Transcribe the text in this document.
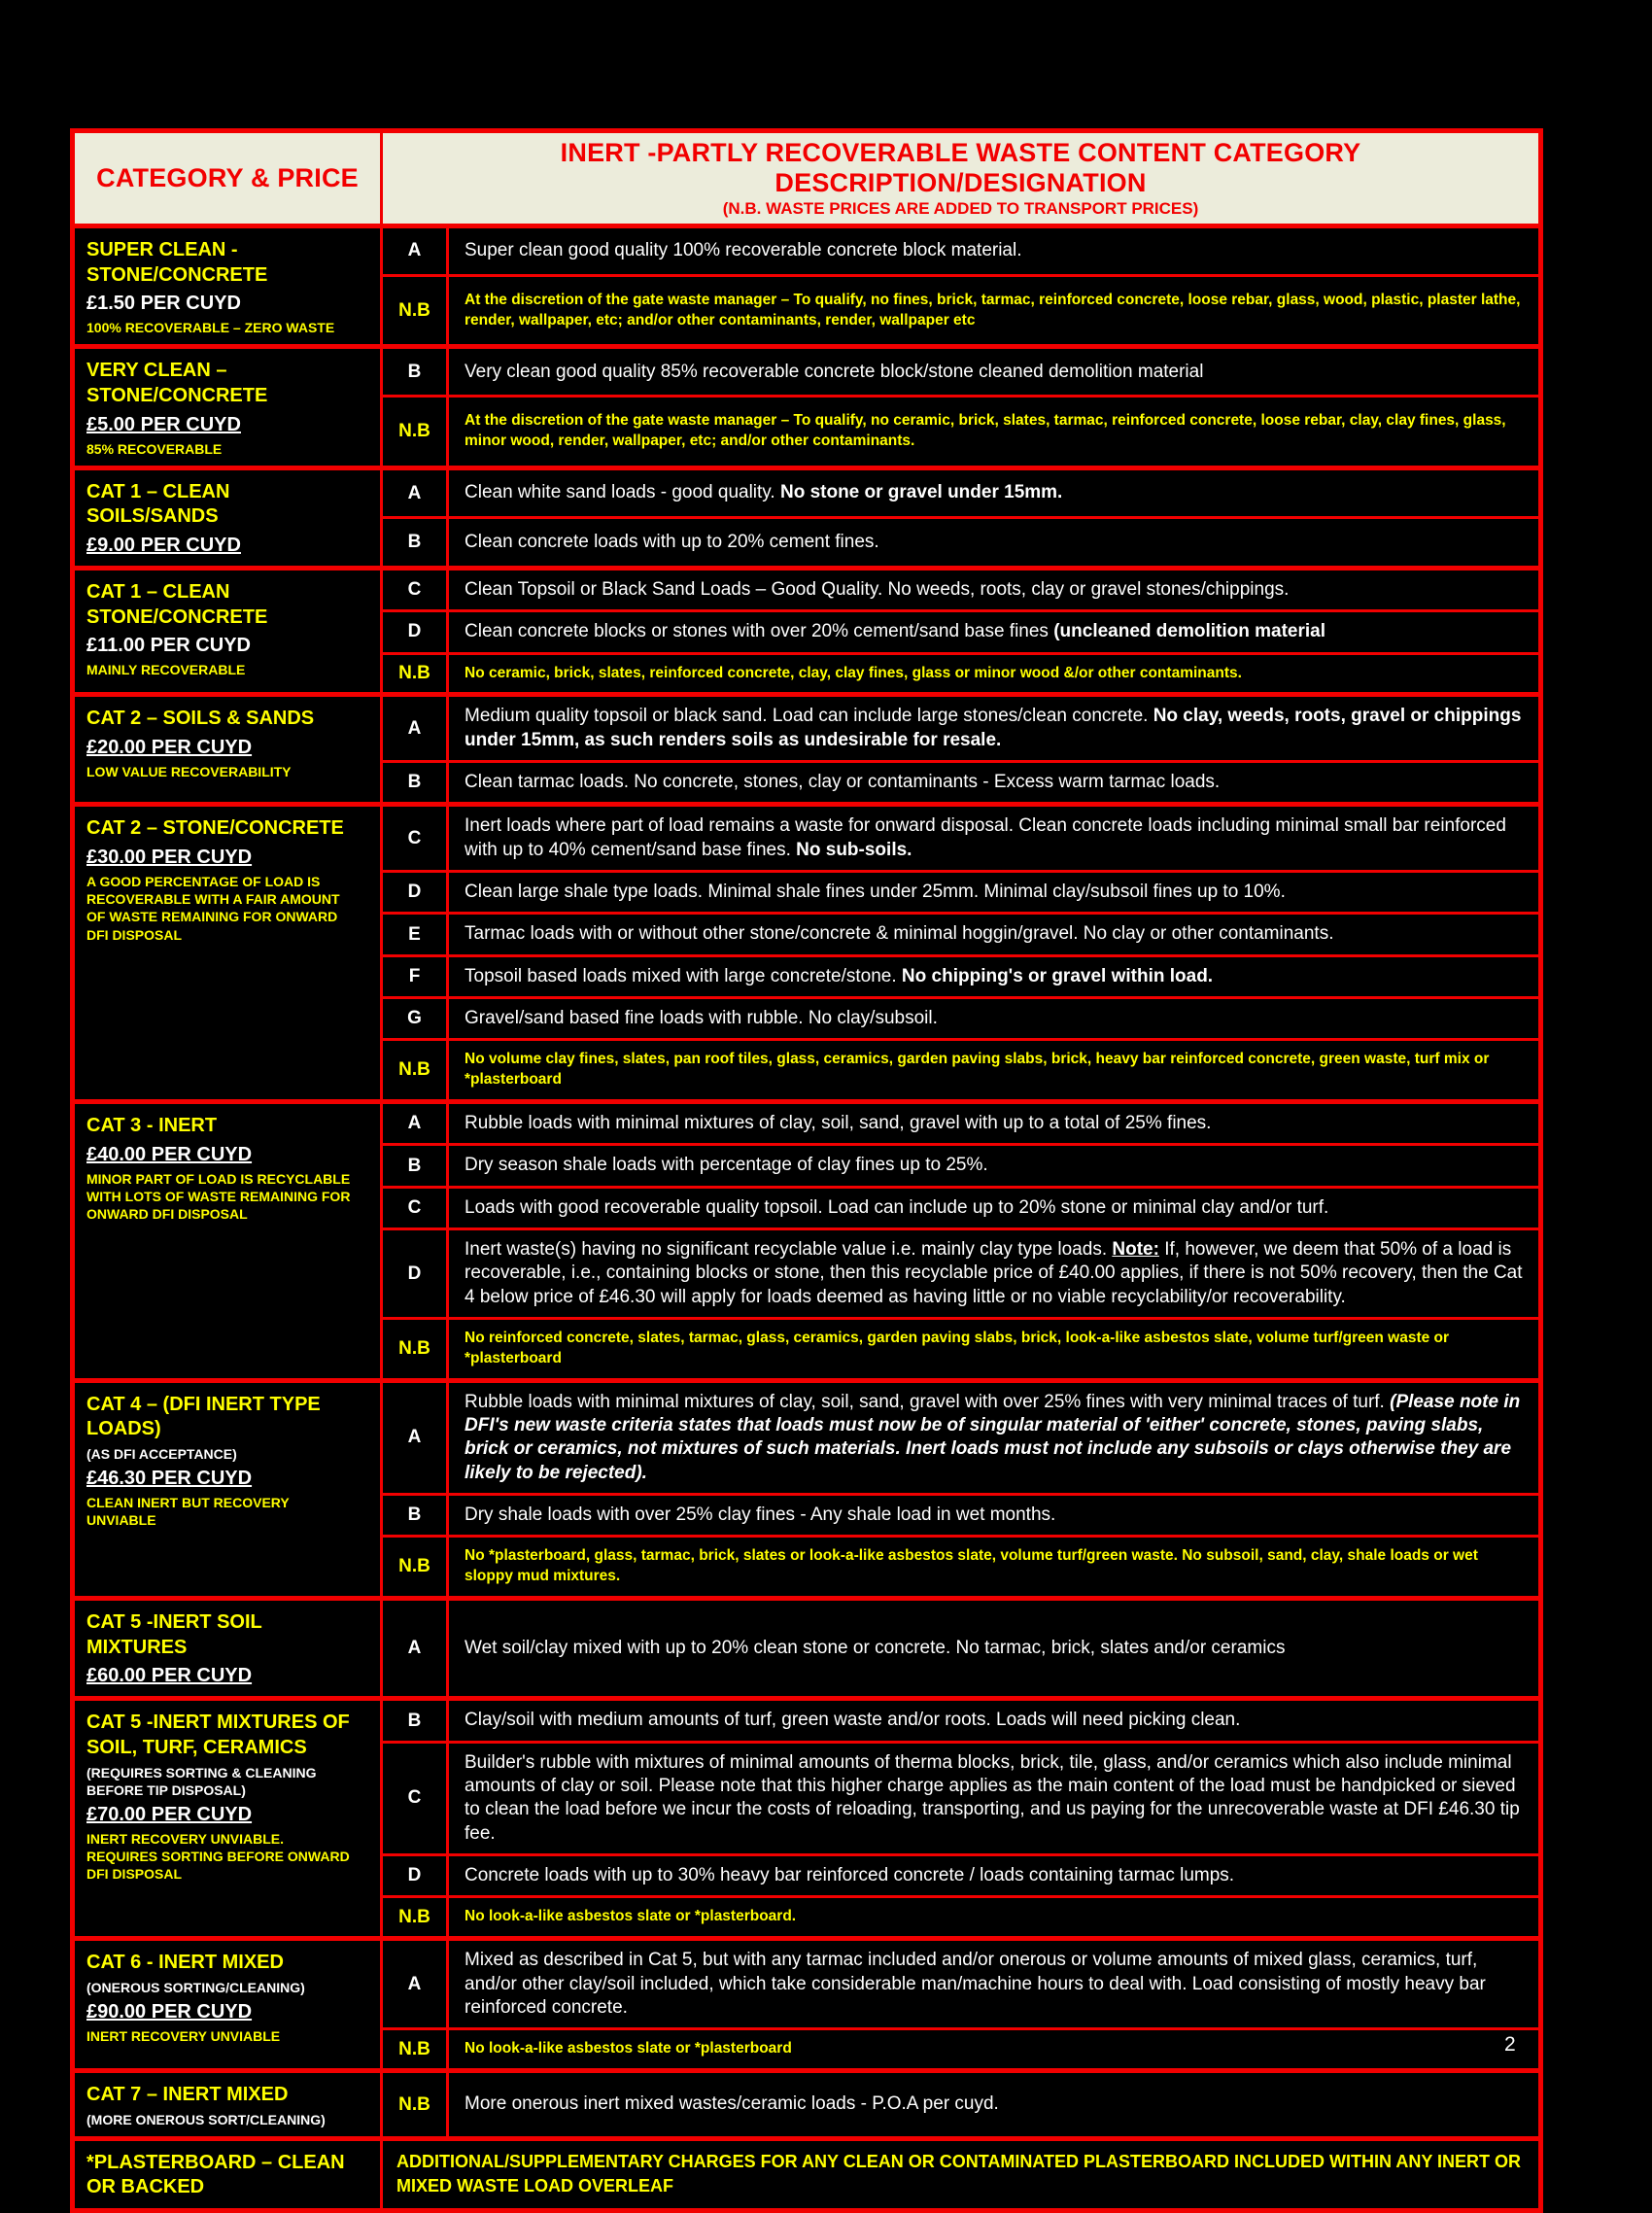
CATEGORY & PRICE	INERT -PARTLY RECOVERABLE WASTE CONTENT CATEGORY DESCRIPTION/DESIGNATION
(N.B. WASTE PRICES ARE ADDED TO TRANSPORT PRICES)	

SUPER CLEAN - STONE/CONCRETE
£1.50 PER CUYD
100% RECOVERABLE – ZERO WASTE	A	Super clean good quality 100% recoverable concrete block material.
	N.B	At the discretion of the gate waste manager – To qualify, no fines, brick, tarmac, reinforced concrete, loose rebar, glass, wood, plastic, plaster lathe, render, wallpaper, etc; and/or other contaminants, render, wallpaper etc

VERY CLEAN – STONE/CONCRETE
£5.00 PER CUYD
85% RECOVERABLE	B	Very clean good quality 85% recoverable concrete block/stone cleaned demolition material
	N.B	At the discretion of the gate waste manager – To qualify, no ceramic, brick, slates, tarmac, reinforced concrete, loose rebar, clay, clay fines, glass, minor wood, render, wallpaper, etc; and/or other contaminants.

CAT 1 – CLEAN SOILS/SANDS
£9.00 PER CUYD	A	Clean white sand loads - good quality. No stone or gravel under 15mm.
	B	Clean concrete loads with up to 20% cement fines.

CAT 1 – CLEAN STONE/CONCRETE
£11.00 PER CUYD
MAINLY RECOVERABLE	C	Clean Topsoil or Black Sand Loads – Good Quality. No weeds, roots, clay or gravel stones/chippings.
	D	Clean concrete blocks or stones with over 20% cement/sand base fines (uncleaned demolition material
	N.B	No ceramic, brick, slates, reinforced concrete, clay, clay fines, glass or minor wood &/or other contaminants.

CAT 2 – SOILS & SANDS
£20.00 PER CUYD
LOW VALUE RECOVERABILITY	A	Medium quality topsoil or black sand. Load can include large stones/clean concrete. No clay, weeds, roots, gravel or chippings under 15mm, as such renders soils as undesirable for resale.
	B	Clean tarmac loads. No concrete, stones, clay or contaminants - Excess warm tarmac loads.

CAT 2 – STONE/CONCRETE
£30.00 PER CUYD
A GOOD PERCENTAGE OF LOAD IS RECOVERABLE WITH A FAIR AMOUNT OF WASTE REMAINING FOR ONWARD DFI DISPOSAL	C	Inert loads where part of load remains a waste for onward disposal. Clean concrete loads including minimal small bar reinforced with up to 40% cement/sand base fines. No sub-soils.
	D	Clean large shale type loads. Minimal shale fines under 25mm. Minimal clay/subsoil fines up to 10%.
	E	Tarmac loads with or without other stone/concrete & minimal hoggin/gravel. No clay or other contaminants.
	F	Topsoil based loads mixed with large concrete/stone. No chipping's or gravel within load.
	G	Gravel/sand based fine loads with rubble. No clay/subsoil.
	N.B	No volume clay fines, slates, pan roof tiles, glass, ceramics, garden paving slabs, brick, heavy bar reinforced concrete, green waste, turf mix or *plasterboard

CAT 3 - INERT
£40.00 PER CUYD
MINOR PART OF LOAD IS RECYCLABLE WITH LOTS OF WASTE REMAINING FOR ONWARD DFI DISPOSAL	A	Rubble loads with minimal mixtures of clay, soil, sand, gravel with up to a total of 25% fines.
	B	Dry season shale loads with percentage of clay fines up to 25%.
	C	Loads with good recoverable quality topsoil. Load can include up to 20% stone or minimal clay and/or turf.
	D	Inert waste(s) having no significant recyclable value i.e. mainly clay type loads. Note: If, however, we deem that 50% of a load is recoverable, i.e., containing blocks or stone, then this recyclable price of £40.00 applies, if there is not 50% recovery, then the Cat 4 below price of £46.30 will apply for loads deemed as having little or no viable recyclability/or recoverability.
	N.B	No reinforced concrete, slates, tarmac, glass, ceramics, garden paving slabs, brick, look-a-like asbestos slate, volume turf/green waste or *plasterboard

CAT 4 – (DFI INERT TYPE LOADS)
(AS DFI ACCEPTANCE)
£46.30 PER CUYD
CLEAN INERT BUT RECOVERY UNVIABLE
	A	Rubble loads with minimal mixtures of clay, soil, sand, gravel with over 25% fines with very minimal traces of turf. (Please note in DFI's new waste criteria states that loads must now be of singular material of 'either' concrete, stones, paving slabs, brick or ceramics, not mixtures of such materials. Inert loads must not include any subsoils or clays otherwise they are likely to be rejected).
	B	Dry shale loads with over 25% clay fines - Any shale load in wet months.
	N.B	No *plasterboard, glass, tarmac, brick, slates or look-a-like asbestos slate, volume turf/green waste. No subsoil, sand, clay, shale loads or wet sloppy mud mixtures.

CAT 5 -INERT SOIL MIXTURES
£60.00 PER CUYD	A	Wet soil/clay mixed with up to 20% clean stone or concrete. No tarmac, brick, slates and/or ceramics

CAT 5 -INERT MIXTURES OF SOIL, TURF, CERAMICS
(REQUIRES SORTING & CLEANING BEFORE TIP DISPOSAL)
£70.00 PER CUYD
INERT RECOVERY UNVIABLE. REQUIRES SORTING BEFORE ONWARD DFI DISPOSAL	B	Clay/soil with medium amounts of turf, green waste and/or roots. Loads will need picking clean.
	C	Builder's rubble with mixtures of minimal amounts of therma blocks, brick, tile, glass, and/or ceramics which also include minimal amounts of clay or soil. Please note that this higher charge applies as the main content of the load must be handpicked or sieved to clean the load before we incur the costs of reloading, transporting, and us paying for the unrecoverable waste at DFI £46.30 tip fee.
	D	Concrete loads with up to 30% heavy bar reinforced concrete / loads containing tarmac lumps.
	N.B	No look-a-like asbestos slate or *plasterboard.

CAT 6 - INERT MIXED
(ONEROUS SORTING/CLEANING)
£90.00 PER CUYD
INERT RECOVERY UNVIABLE
	A	Mixed as described in Cat 5, but with any tarmac included and/or onerous or volume amounts of mixed glass, ceramics, turf, and/or other clay/soil included, which take considerable man/machine hours to deal with. Load consisting of mostly heavy bar reinforced concrete.
	N.B	No look-a-like asbestos slate or *plasterboard

CAT 7 – INERT MIXED
(MORE ONEROUS SORT/CLEANING)	N.B	More onerous inert mixed wastes/ceramic loads - P.O.A per cuyd.

*PLASTERBOARD – CLEAN OR BACKED	ADDITIONAL/SUPPLEMENTARY CHARGES FOR ANY CLEAN OR CONTAMINATED PLASTERBOARD INCLUDED WITHIN ANY INERT OR MIXED WASTE LOAD OVERLEAF	
2
